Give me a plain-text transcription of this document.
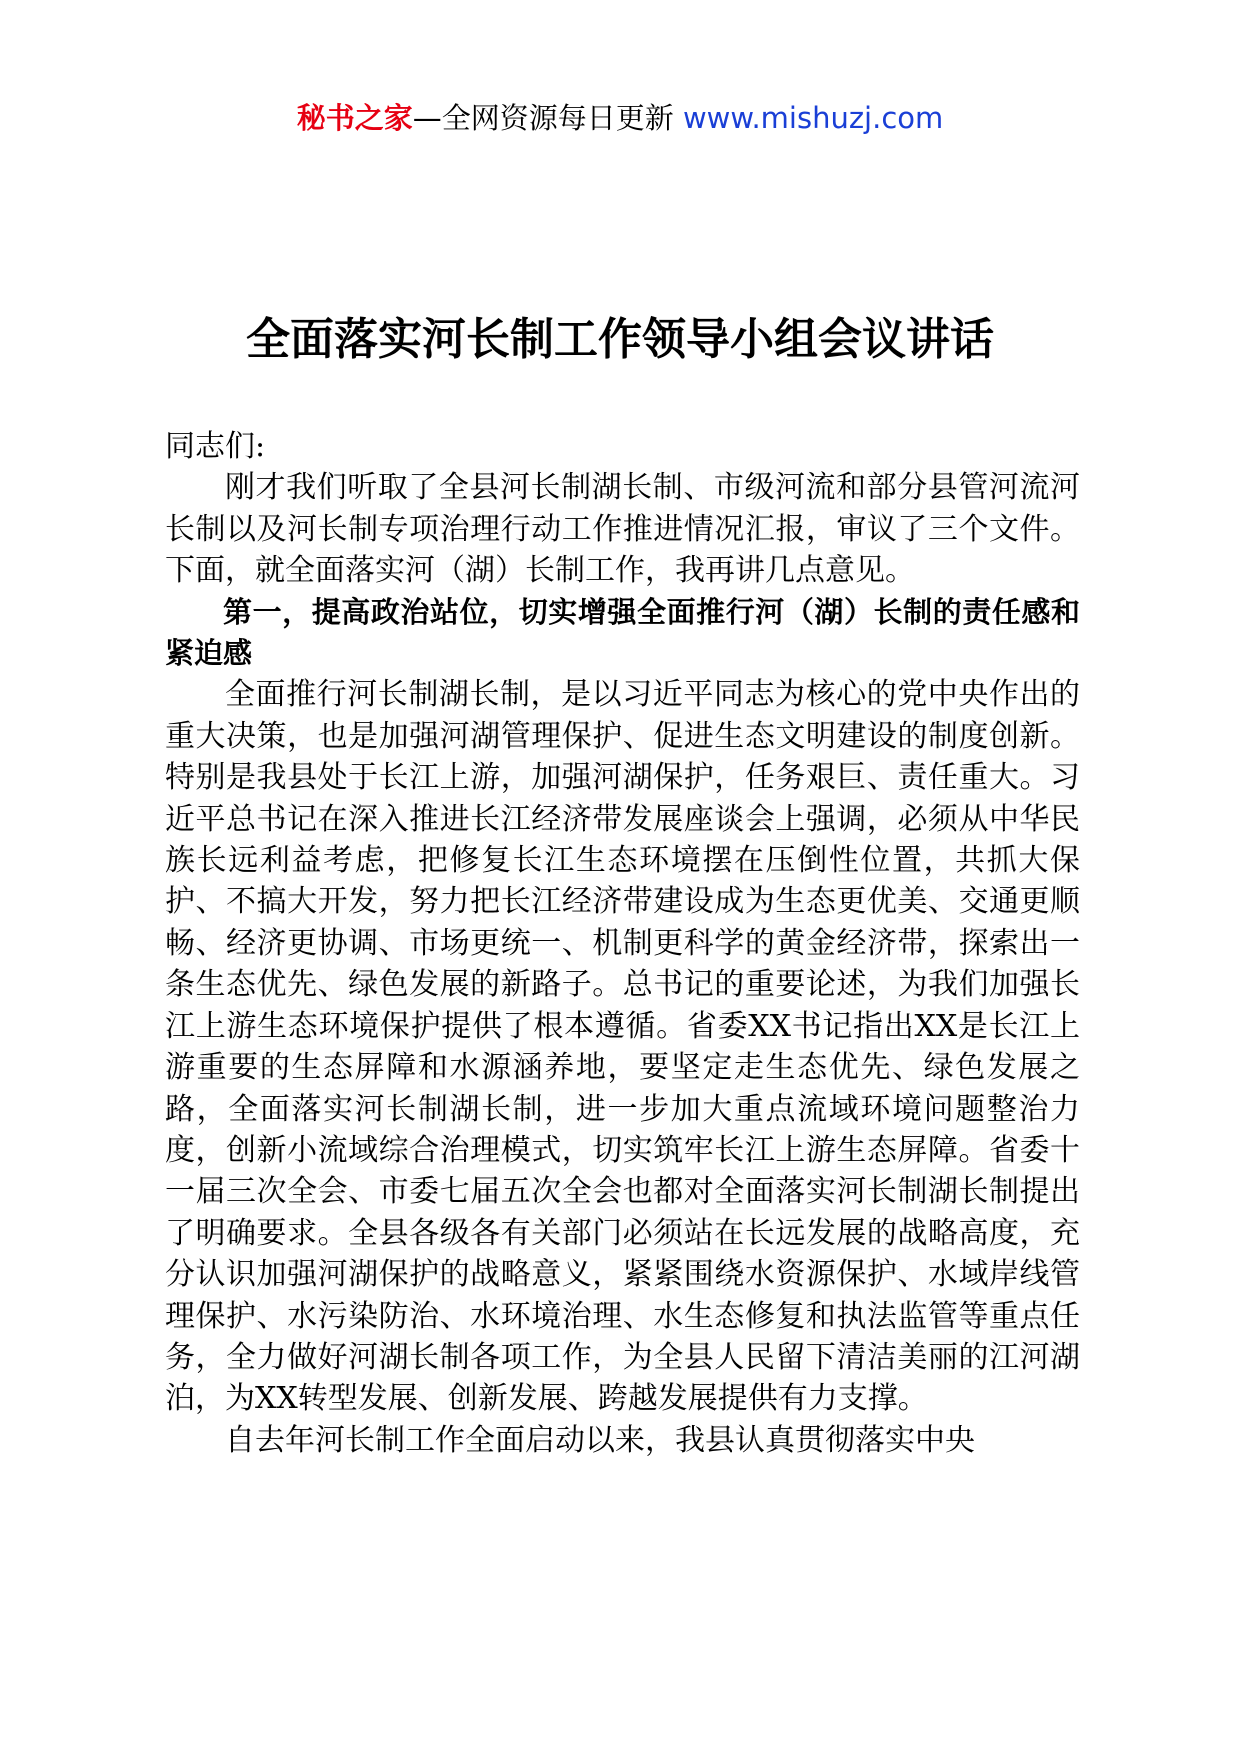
秘书之家—全网资源每日更新 www.mishuzj.com
全面落实河长制工作领导小组会议讲话

同志们:

刚才我们听取了全县河长制湖长制、市级河流和部分县管河流河长制以及河长制专项治理行动工作推进情况汇报，审议了三个文件。下面，就全面落实河（湖）长制工作，我再讲几点意见。

第一，提高政治站位，切实增强全面推行河（湖）长制的责任感和紧迫感

全面推行河长制湖长制，是以习近平同志为核心的党中央作出的重大决策，也是加强河湖管理保护、促进生态文明建设的制度创新。特别是我县处于长江上游，加强河湖保护，任务艰巨、责任重大。习近平总书记在深入推进长江经济带发展座谈会上强调，必须从中华民族长远利益考虑，把修复长江生态环境摆在压倒性位置，共抓大保护、不搞大开发，努力把长江经济带建设成为生态更优美、交通更顺畅、经济更协调、市场更统一、机制更科学的黄金经济带，探索出一条生态优先、绿色发展的新路子。总书记的重要论述，为我们加强长江上游生态环境保护提供了根本遵循。省委XX书记指出XX是长江上游重要的生态屏障和水源涵养地，要坚定走生态优先、绿色发展之路，全面落实河长制湖长制，进一步加大重点流域环境问题整治力度，创新小流域综合治理模式，切实筑牢长江上游生态屏障。省委十一届三次全会、市委七届五次全会也都对全面落实河长制湖长制提出了明确要求。全县各级各有关部门必须站在长远发展的战略高度，充分认识加强河湖保护的战略意义，紧紧围绕水资源保护、水域岸线管理保护、水污染防治、水环境治理、水生态修复和执法监管等重点任务，全力做好河湖长制各项工作，为全县人民留下清洁美丽的江河湖泊，为XX转型发展、创新发展、跨越发展提供有力支撑。

自去年河长制工作全面启动以来，我县认真贯彻落实中央
